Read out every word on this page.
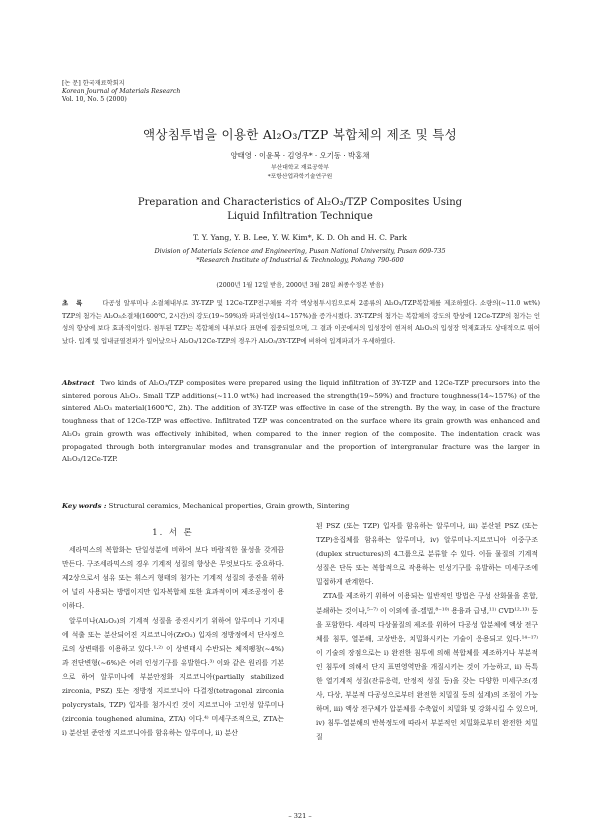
[논 문] 한국재료학회지
Korean Journal of Materials Research
Vol. 10, No. 5 (2000)
액상침투법을 이용한 Al₂O₃/TZP 복합체의 제조 및 특성
양태영 · 이윤복 · 김영우* · 오기동 · 박홍채
부산대학교 재료공학부
*포항산업과학기술연구원
Preparation and Characteristics of Al₂O₃/TZP Composites Using
Liquid Infiltration Technique
T. Y. Yang, Y. B. Lee, Y. W. Kim*, K. D. Oh and H. C. Park
Division of Materials Science and Engineering, Pusan National University, Pusan 609-735
*Research Institute of Industrial & Technology, Pohang 790-600
(2000년 1월 12일 받음, 2000년 3월 28일 최종수정본 받음)
초록 다공성 알루미나 소결체내부로 3Y-TZP 및 12Ce-TZP전구체를 각각 액상침투시킴으로써 2종류의 Al₂O₃/TZP복합체를 제조하였다. 소량의(~11.0 wt%) TZP의 첨가는 Al₂O₃소결체(1600℃, 2시간)의 강도(19~59%)와 파괴인성(14~157%)을 증가시켰다. 3Y-TZP의 첨가는 복합체의 강도의 향상에 12Ce-TZP의 첨가는 인성의 향상에 보다 효과적이었다. 침투된 TZP는 복합체의 내부보다 표면에 집중되었으며, 그 결과 이곳에서의 입성장이 현저히 Al₂O₃의 입성장 억제효과도 상대적으로 뛰어났다. 입계 및 입내균열전파가 일어났으나 Al₂O₃/12Ce-TZP의 경우가 Al₂O₃/3Y-TZP에 비하여 입계파괴가 우세하였다.
Abstract Two kinds of Al₂O₃/TZP composites were prepared using the liquid infiltration of 3Y-TZP and 12Ce-TZP precursors into the sintered porous Al₂O₃. Small TZP additions(~11.0 wt%) had increased the strength(19~59%) and fracture toughness(14~157%) of the sintered Al₂O₃ material(1600℃, 2h). The addition of 3Y-TZP was effective in case of the strength. By the way, in case of the fracture toughness that of 12Ce-TZP was effective. Infiltrated TZP was concentrated on the surface where its grain growth was enhanced and Al₂O₃ grain growth was effectively inhibited, when compared to the inner region of the composite. The indentation crack was propagated through both intergranular modes and transgranular and the proportion of intergranular fracture was the larger in Al₂O₃/12Ce-TZP.
Key words : Structural ceramics, Mechanical properties, Grain growth, Sintering
1. 서 론

세라믹스의 복합화는 단일성분에 비하여 보다 바람직한 물성을 갖게끔 만든다. 구조세라믹스의 경우 기계적 성질의 향상은 무엇보다도 중요하다. 제2상으로서 섬유 또는 휘스커 형태의 첨가는 기계적 성질의 증진을 위하여 널리 사용되는 방법이지만 입자복합체 또한 효과적이며 제조공정이 용이하다.

알루미나(Al₂O₃)의 기계적 성질을 증진시키기 위하여 알루미나 기지내에 석출 또는 분산되어진 지르코니아(ZrO₂) 입자의 정방정에서 단사정으로의 상변태를 이용하고 있다.¹·²⁾ 이 상변태시 수반되는 체적팽창(~4%)과 전단변형(~6%)은 여러 인성기구를 유발한다.³⁾ 이와 같은 원리를 기본으로 하여 알루미나에 부분안정화 지르코니아(partially stabilized zirconia, PSZ) 또는 정방정 지르코니아 다결정(tetragonal zirconia polycrystals, TZP) 입자를 첨가시킨 것이 지르코니아 고인성 알루미나(zirconia toughened alumina, ZTA) 이다.⁴⁾ 미세구조적으로, ZTA는 i) 분산된 준안정 지르코니아를 함유하는 알루미나, ii) 분산

된 PSZ (또는 TZP) 입자를 함유하는 알루미나, iii) 분산된 PSZ (또는 TZP)응집체를 함유하는 알루미나, iv) 알루미나-지르코니아 이중구조(duplex structures)의 4그룹으로 분류할 수 있다. 이들 물질의 기계적 성질은 단독 또는 복합적으로 작용하는 인성기구를 유발하는 미세구조에 밀접하게 관계한다.

ZTA를 제조하기 위하여 이용되는 일반적인 방법은 구성 산화물을 혼합, 분쇄하는 것이나,⁵⁻⁷⁾ 이 이외에 졸-겔법,⁸⁻¹⁰⁾ 용융과 급냉,¹¹⁾ CVD¹²·¹³⁾ 등을 포함한다. 세라믹 다상물질의 제조를 위하여 다공성 압분체에 액상 전구체를 침투, 열분해, 고상반응, 치밀화시키는 기술이 응용되고 있다.¹⁴⁻¹⁷⁾ 이 기술의 장점으로는 i) 완전한 침투에 의해 복합체를 제조하거나 부분적인 침투에 의해서 단지 표면영역만을 개질시키는 것이 가능하고, ii) 독특한 열기계적 성질(잔류응력, 안정적 성질 등)을 갖는 다양한 미세구조(경사, 다상, 부분적 다공성으로부터 완전한 치밀질 등의 설계)의 조절이 가능하며, iii) 액상 전구체가 압분체를 수축없이 치밀화 및 강화시킬 수 있으며, iv) 침투-열분해의 반복정도에 따라서 부분적인 치밀화로부터 완전한 치밀질

– 321 –
